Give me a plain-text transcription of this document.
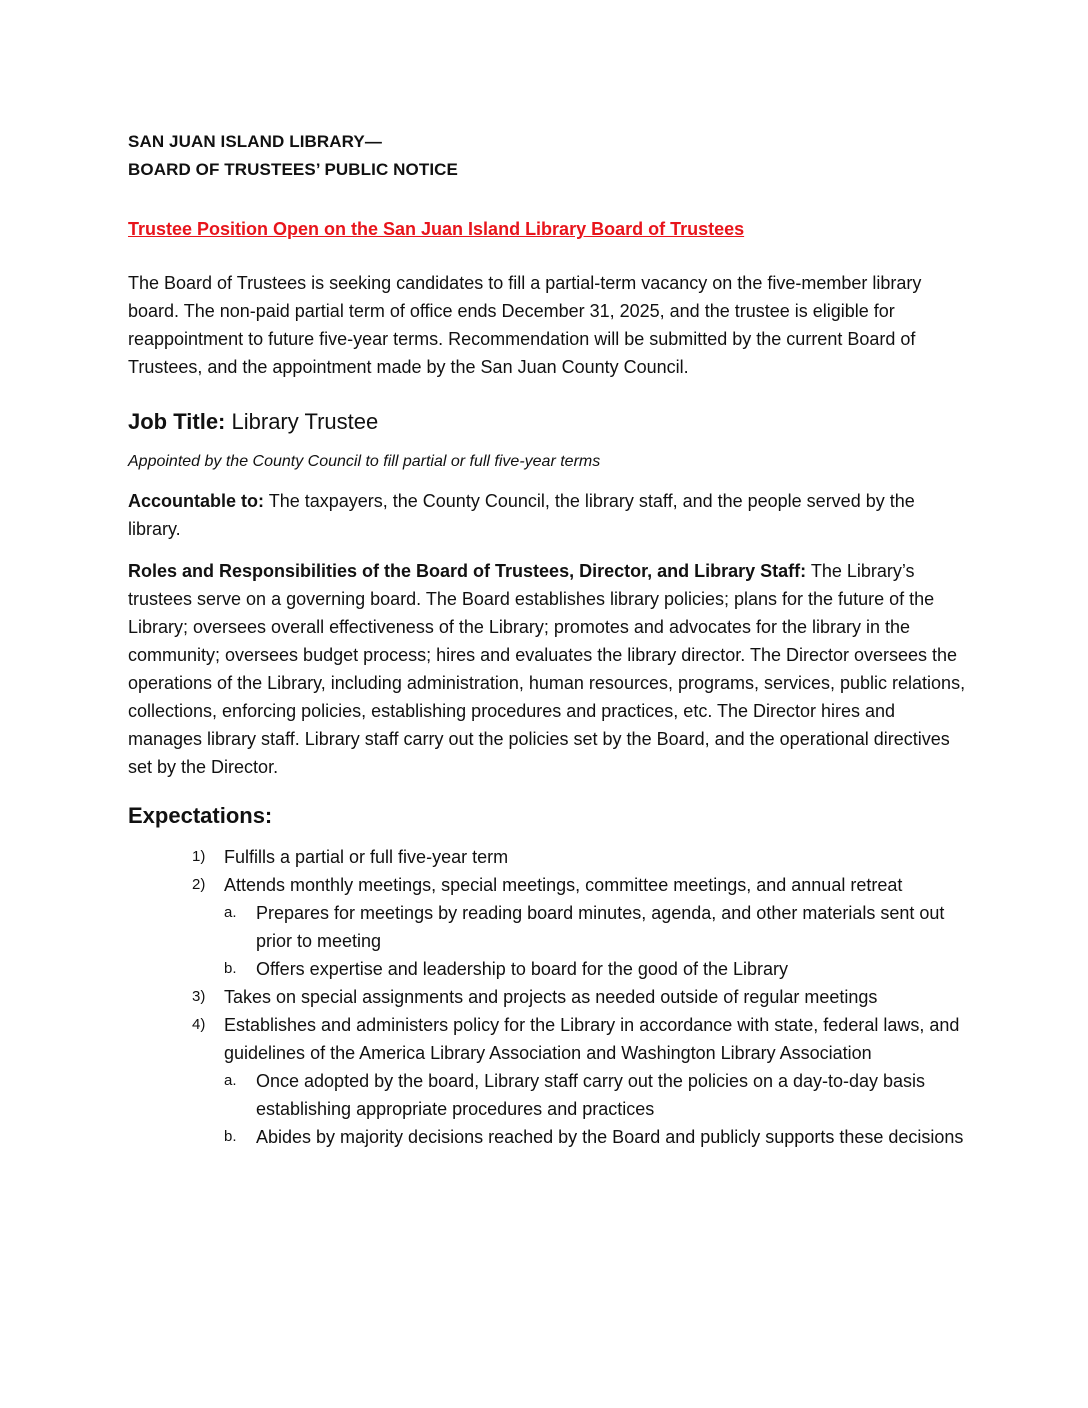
SAN JUAN ISLAND LIBRARY—
BOARD OF TRUSTEES’ PUBLIC NOTICE
Trustee Position Open on the San Juan Island Library Board of Trustees

The Board of Trustees is seeking candidates to fill a partial-term vacancy on the five-member library board. The non-paid partial term of office ends December 31, 2025, and the trustee is eligible for reappointment to future five-year terms. Recommendation will be submitted by the current Board of Trustees, and the appointment made by the San Juan County Council.

Job Title: Library Trustee

Appointed by the County Council to fill partial or full five-year terms

Accountable to: The taxpayers, the County Council, the library staff, and the people served by the library.

Roles and Responsibilities of the Board of Trustees, Director, and Library Staff: The Library’s trustees serve on a governing board. The Board establishes library policies; plans for the future of the Library; oversees overall effectiveness of the Library; promotes and advocates for the library in the community; oversees budget process; hires and evaluates the library director. The Director oversees the operations of the Library, including administration, human resources, programs, services, public relations, collections, enforcing policies, establishing procedures and practices, etc. The Director hires and manages library staff. Library staff carry out the policies set by the Board, and the operational directives set by the Director.

Expectations:
1) Fulfills a partial or full five-year term
2) Attends monthly meetings, special meetings, committee meetings, and annual retreat
a. Prepares for meetings by reading board minutes, agenda, and other materials sent out prior to meeting
b. Offers expertise and leadership to board for the good of the Library
3) Takes on special assignments and projects as needed outside of regular meetings
4) Establishes and administers policy for the Library in accordance with state, federal laws, and guidelines of the America Library Association and Washington Library Association
a. Once adopted by the board, Library staff carry out the policies on a day-to-day basis establishing appropriate procedures and practices
b. Abides by majority decisions reached by the Board and publicly supports these decisions
